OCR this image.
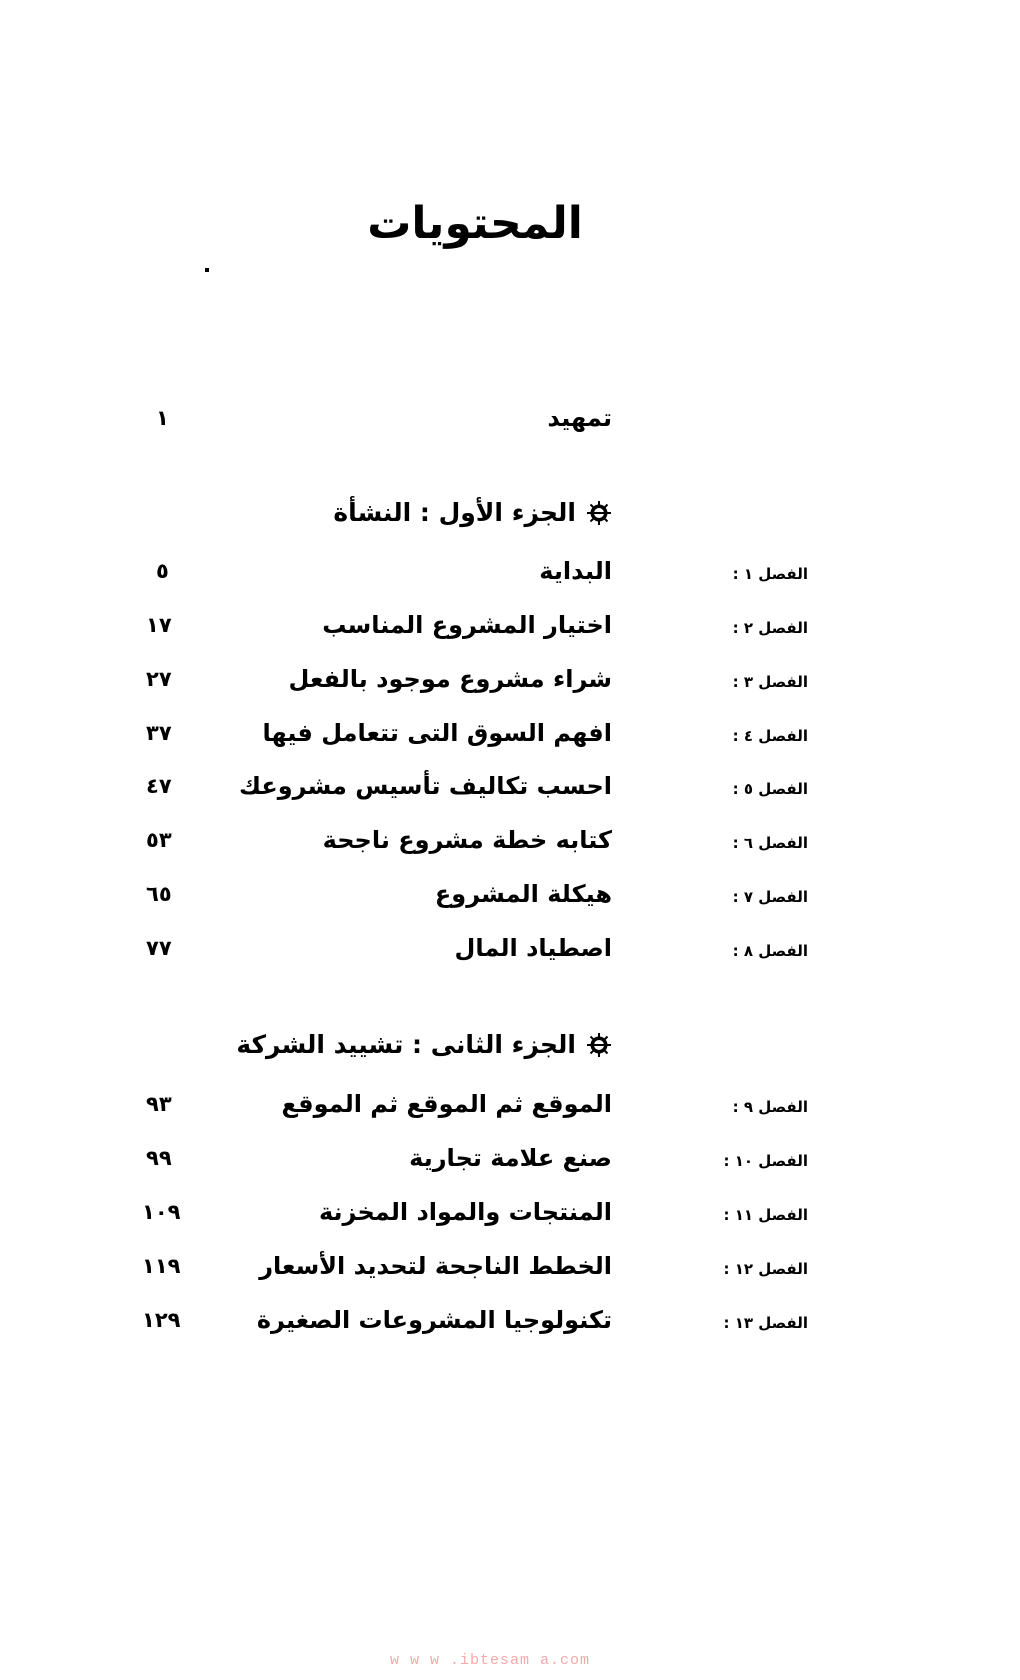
المحتويات
تمهيد
١
الجزء الأول : النشأة
الفصل ١ :
البداية
٥
الفصل ٢ :
اختيار المشروع المناسب
١٧
الفصل ٣ :
شراء مشروع موجود بالفعل
٢٧
الفصل ٤ :
افهم السوق التى تتعامل فيها
٣٧
الفصل ٥ :
احسب تكاليف تأسيس مشروعك
٤٧
الفصل ٦ :
كتابه خطة مشروع ناجحة
٥٣
الفصل ٧ :
هيكلة المشروع
٦٥
الفصل ٨ :
اصطياد المال
٧٧
الجزء الثانى : تشييد الشركة
الفصل ٩ :
الموقع ثم الموقع ثم الموقع
٩٣
الفصل ١٠ :
صنع علامة تجارية
٩٩
الفصل ١١ :
المنتجات والمواد المخزنة
١٠٩
الفصل ١٢ :
الخطط الناجحة لتحديد الأسعار
١١٩
الفصل ١٣ :
تكنولوجيا المشروعات الصغيرة
١٢٩
w w w .ibtesam a.com
